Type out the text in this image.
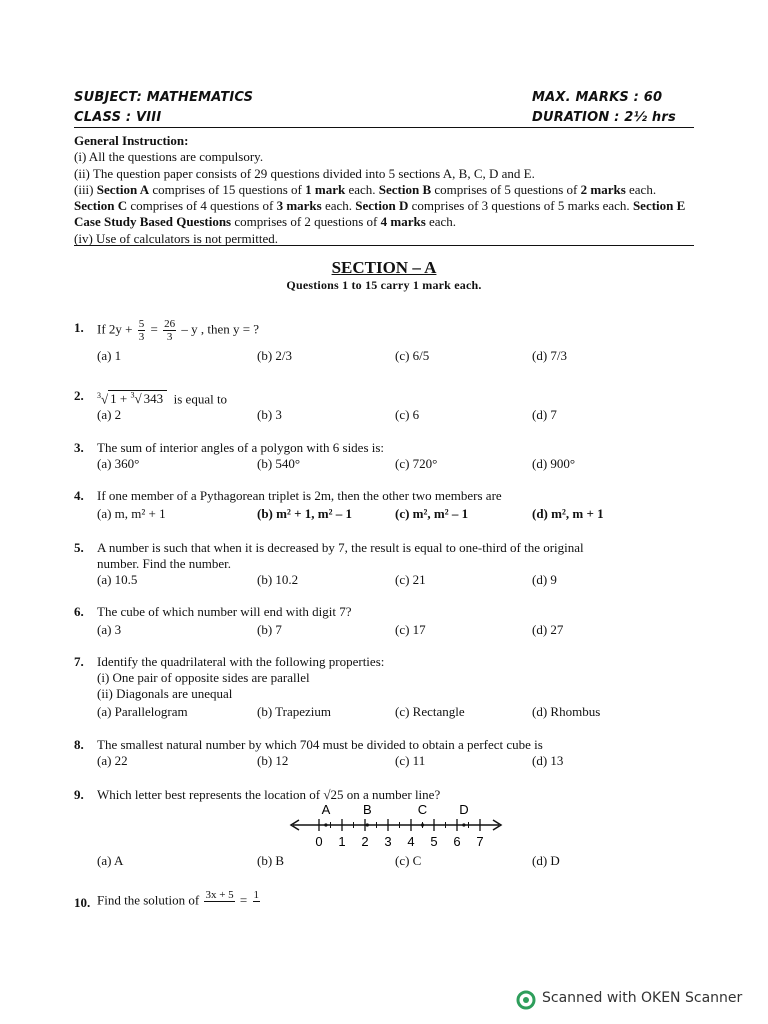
SUBJECT: MATHEMATICS
CLASS : VIII
MAX. MARKS : 60
DURATION : 2½ hrs
General Instruction:
(i) All the questions are compulsory.
(ii) The question paper consists of 29 questions divided into 5 sections A, B, C, D and E.
(iii) Section A comprises of 15 questions of 1 mark each. Section B comprises of 5 questions of 2 marks each. Section C comprises of 4 questions of 3 marks each. Section D comprises of 3 questions of 5 marks each. Section E Case Study Based Questions comprises of 2 questions of 4 marks each.
(iv) Use of calculators is not permitted.
SECTION – A
Questions 1 to 15 carry 1 mark each.
1. If $2y + \frac{5}{3} = \frac{26}{3} - y$ , then y = ?
(a) 1	(b) 2/3	(c) 6/5	(d) 7/3
2. $^3$√ 1 + $^3$√ 343 is equal to
(a) 2	(b) 3	(c) 6	(d) 7
3. The sum of interior angles of a polygon with 6 sides is:
(a) 360°	(b) 540°	(c) 720°	(d) 900°
4. If one member of a Pythagorean triplet is 2m, then the other two members are
(a) m, m² + 1	(b) m² + 1, m² – 1	(c) m², m² – 1	(d) m², m + 1
5. A number is such that when it is decreased by 7, the result is equal to one-third of the original
number. Find the number.
(a) 10.5	(b) 10.2	(c) 21	(d) 9
6. The cube of which number will end with digit 7?
(a) 3	(b) 7	(c) 17	(d) 27
7. Identify the quadrilateral with the following properties:
(i) One pair of opposite sides are parallel
(ii) Diagonals are unequal
(a) Parallelogram	(b) Trapezium	(c) Rectangle	(d) Rhombus
8. The smallest natural number by which 704 must be divided to obtain a perfect cube is
(a) 22	(b) 12	(c) 11	(d) 13
9. Which letter best represents the location of √25 on a number line?
0 1 2 3 4 5 6 7
A	B	C D
(a) A	(b) B	(c) C	(d) D
10. Find the solution of 3x + 5
= 1

Scanned with OKEN Scanner
